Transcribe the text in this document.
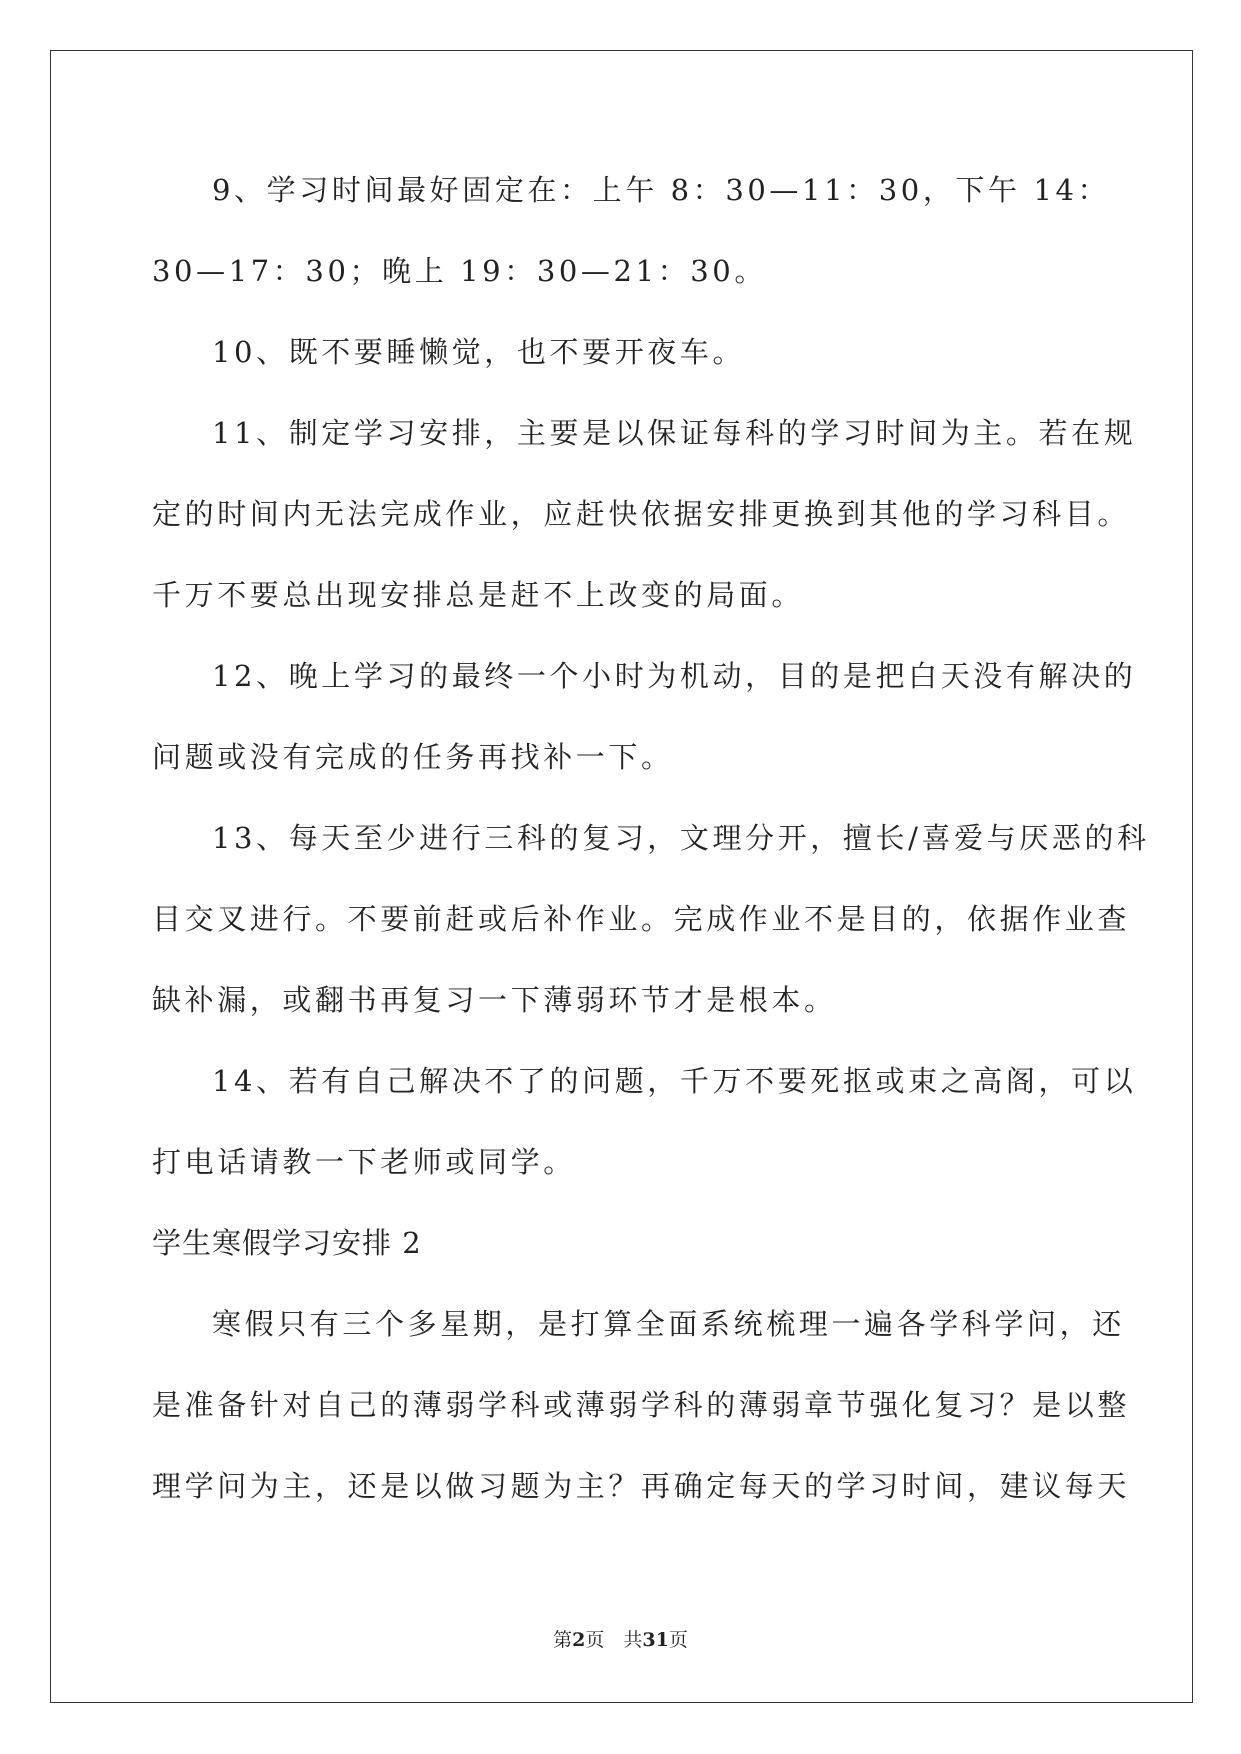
9、学习时间最好固定在：上午 8：30—11：30，下午 14：
30—17：30；晚上 19：30—21：30。

10、既不要睡懒觉，也不要开夜车。

11、制定学习安排，主要是以保证每科的学习时间为主。若在规
定的时间内无法完成作业，应赶快依据安排更换到其他的学习科目。
千万不要总出现安排总是赶不上改变的局面。

12、晚上学习的最终一个小时为机动，目的是把白天没有解决的
问题或没有完成的任务再找补一下。

13、每天至少进行三科的复习，文理分开，擅长/喜爱与厌恶的科
目交叉进行。不要前赶或后补作业。完成作业不是目的，依据作业查
缺补漏，或翻书再复习一下薄弱环节才是根本。

14、若有自己解决不了的问题，千万不要死抠或束之高阁，可以
打电话请教一下老师或同学。

学生寒假学习安排 2

寒假只有三个多星期，是打算全面系统梳理一遍各学科学问，还
是准备针对自己的薄弱学科或薄弱学科的薄弱章节强化复习？是以整
理学问为主，还是以做习题为主？再确定每天的学习时间，建议每天

第2页　共31页
